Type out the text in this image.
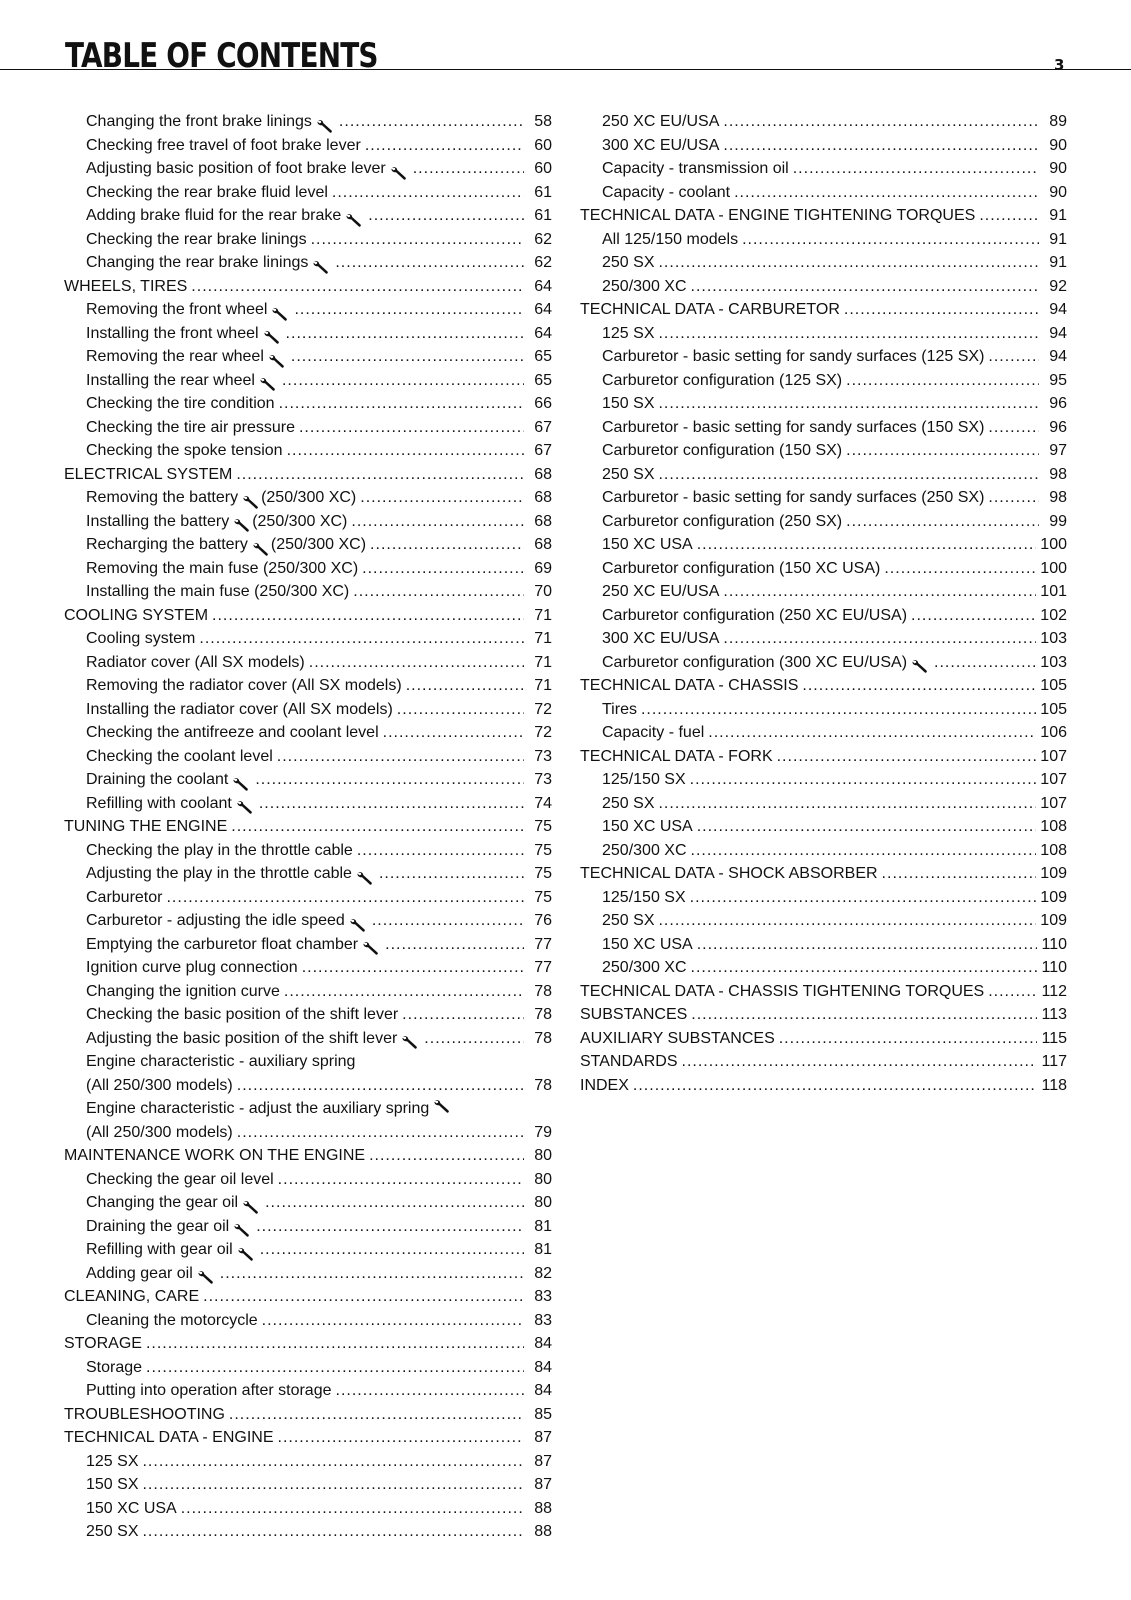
TABLE OF CONTENTS	3
Changing the front brake linings .....	58
Checking free travel of foot brake lever .....	60
Adjusting basic position of foot brake lever .....	60
Checking the rear brake fluid level .....	61
Adding brake fluid for the rear brake .....	61
Checking the rear brake linings .....	62
Changing the rear brake linings .....	62
WHEELS, TIRES .....	64
Removing the front wheel .....	64
Installing the front wheel .....	64
Removing the rear wheel .....	65
Installing the rear wheel .....	65
Checking the tire condition .....	66
Checking the tire air pressure .....	67
Checking the spoke tension .....	67
ELECTRICAL SYSTEM .....	68
Removing the battery (250/300 XC) .....	68
Installing the battery (250/300 XC) .....	68
Recharging the battery (250/300 XC) .....	68
Removing the main fuse (250/300 XC) .....	69
Installing the main fuse (250/300 XC) .....	70
COOLING SYSTEM .....	71
Cooling system .....	71
Radiator cover (All SX models) .....	71
Removing the radiator cover (All SX models) .....	71
Installing the radiator cover (All SX models) .....	72
Checking the antifreeze and coolant level .....	72
Checking the coolant level .....	73
Draining the coolant .....	73
Refilling with coolant .....	74
TUNING THE ENGINE .....	75
Checking the play in the throttle cable .....	75
Adjusting the play in the throttle cable .....	75
Carburetor .....	75
Carburetor - adjusting the idle speed .....	76
Emptying the carburetor float chamber .....	77
Ignition curve plug connection .....	77
Changing the ignition curve .....	78
Checking the basic position of the shift lever .....	78
Adjusting the basic position of the shift lever .....	78
Engine characteristic - auxiliary spring
(All 250/300 models) .....	78
Engine characteristic - adjust the auxiliary spring
(All 250/300 models) .....	79
MAINTENANCE WORK ON THE ENGINE .....	80
Checking the gear oil level .....	80
Changing the gear oil .....	80
Draining the gear oil .....	81
Refilling with gear oil .....	81
Adding gear oil .....	82
CLEANING, CARE .....	83
Cleaning the motorcycle .....	83
STORAGE .....	84
Storage .....	84
Putting into operation after storage .....	84
TROUBLESHOOTING .....	85
TECHNICAL DATA - ENGINE .....	87
125 SX .....	87
150 SX .....	87
150 XC USA .....	88
250 SX .....	88
250 XC EU/USA .....	89
300 XC EU/USA .....	90
Capacity - transmission oil .....	90
Capacity - coolant .....	90
TECHNICAL DATA - ENGINE TIGHTENING TORQUES .....	91
All 125/150 models .....	91
250 SX .....	91
250/300 XC .....	92
TECHNICAL DATA - CARBURETOR .....	94
125 SX .....	94
Carburetor - basic setting for sandy surfaces (125 SX) .....	94
Carburetor configuration (125 SX) .....	95
150 SX .....	96
Carburetor - basic setting for sandy surfaces (150 SX) .....	96
Carburetor configuration (150 SX) .....	97
250 SX .....	98
Carburetor - basic setting for sandy surfaces (250 SX) .....	98
Carburetor configuration (250 SX) .....	99
150 XC USA .....	100
Carburetor configuration (150 XC USA) .....	100
250 XC EU/USA .....	101
Carburetor configuration (250 XC EU/USA) .....	102
300 XC EU/USA .....	103
Carburetor configuration (300 XC EU/USA) .....	103
TECHNICAL DATA - CHASSIS .....	105
Tires .....	105
Capacity - fuel .....	106
TECHNICAL DATA - FORK .....	107
125/150 SX .....	107
250 SX .....	107
150 XC USA .....	108
250/300 XC .....	108
TECHNICAL DATA - SHOCK ABSORBER .....	109
125/150 SX .....	109
250 SX .....	109
150 XC USA .....	110
250/300 XC .....	110
TECHNICAL DATA - CHASSIS TIGHTENING TORQUES .....	112
SUBSTANCES .....	113
AUXILIARY SUBSTANCES .....	115
STANDARDS .....	117
INDEX .....	118
